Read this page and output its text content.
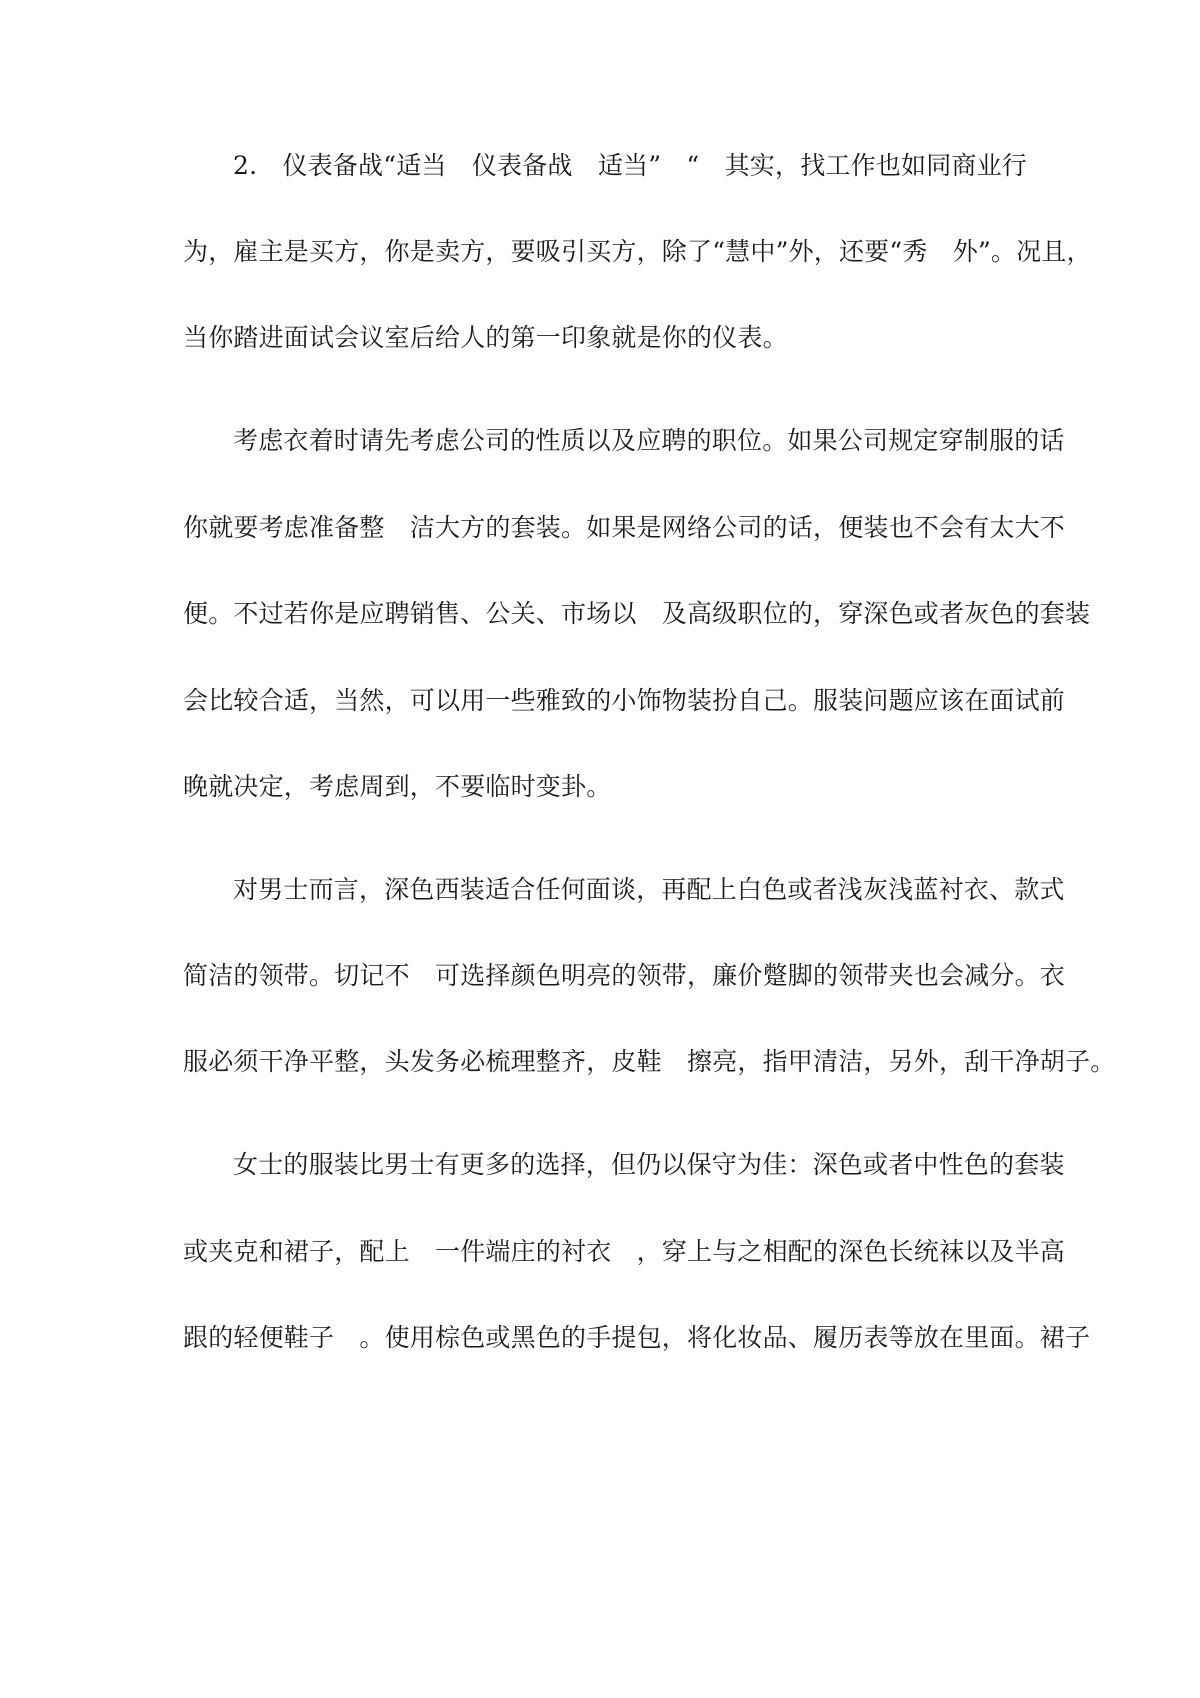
2.　仪表备战“适当　仪表备战　适当”　“　其实，找工作也如同商业行
为，雇主是买方，你是卖方，要吸引买方，除了“慧中”外，还要“秀　外”。况且，
当你踏进面试会议室后给人的第一印象就是你的仪表。
考虑衣着时请先考虑公司的性质以及应聘的职位。如果公司规定穿制服的话
你就要考虑准备整　洁大方的套装。如果是网络公司的话，便装也不会有太大不
便。不过若你是应聘销售、公关、市场以　及高级职位的，穿深色或者灰色的套装
会比较合适，当然，可以用一些雅致的小饰物装扮自己。服装问题应该在面试前
晚就决定，考虑周到，不要临时变卦。
对男士而言，深色西装适合任何面谈，再配上白色或者浅灰浅蓝衬衣、款式
简洁的领带。切记不　可选择颜色明亮的领带，廉价蹩脚的领带夹也会减分。衣
服必须干净平整，头发务必梳理整齐，皮鞋　擦亮，指甲清洁，另外，刮干净胡子。
女士的服装比男士有更多的选择，但仍以保守为佳：深色或者中性色的套装
或夹克和裙子，配上　一件端庄的衬衣　，穿上与之相配的深色长统袜以及半高
跟的轻便鞋子　。使用棕色或黑色的手提包，将化妆品、履历表等放在里面。裙子
